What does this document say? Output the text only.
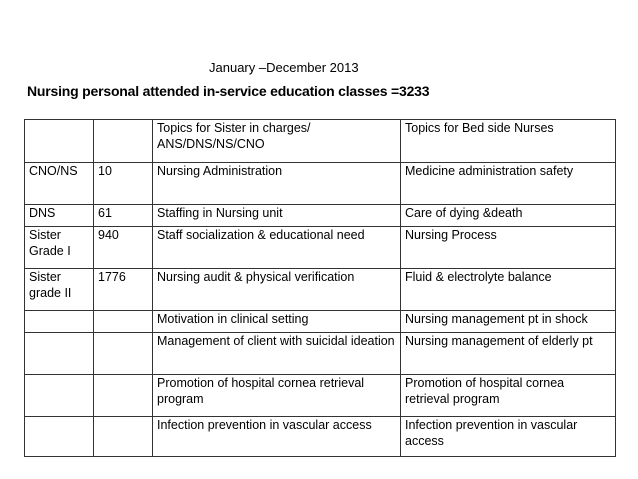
January –December 2013
Nursing personal attended in-service education classes =3233
		Topics for Sister in charges/ ANS/DNS/NS/CNO	Topics for Bed side Nurses
CNO/NS	10	Nursing Administration	Medicine administration safety
DNS	61	Staffing in Nursing unit	Care of dying &death
Sister Grade I	940	Staff socialization & educational need	Nursing Process
Sister grade II	1776	Nursing audit & physical verification	Fluid & electrolyte balance
		Motivation in clinical setting	Nursing management pt in shock
		Management of client with suicidal ideation	Nursing management of elderly pt
		Promotion of hospital cornea retrieval program	Promotion of hospital cornea retrieval program
		Infection prevention in vascular access	Infection prevention in vascular access
